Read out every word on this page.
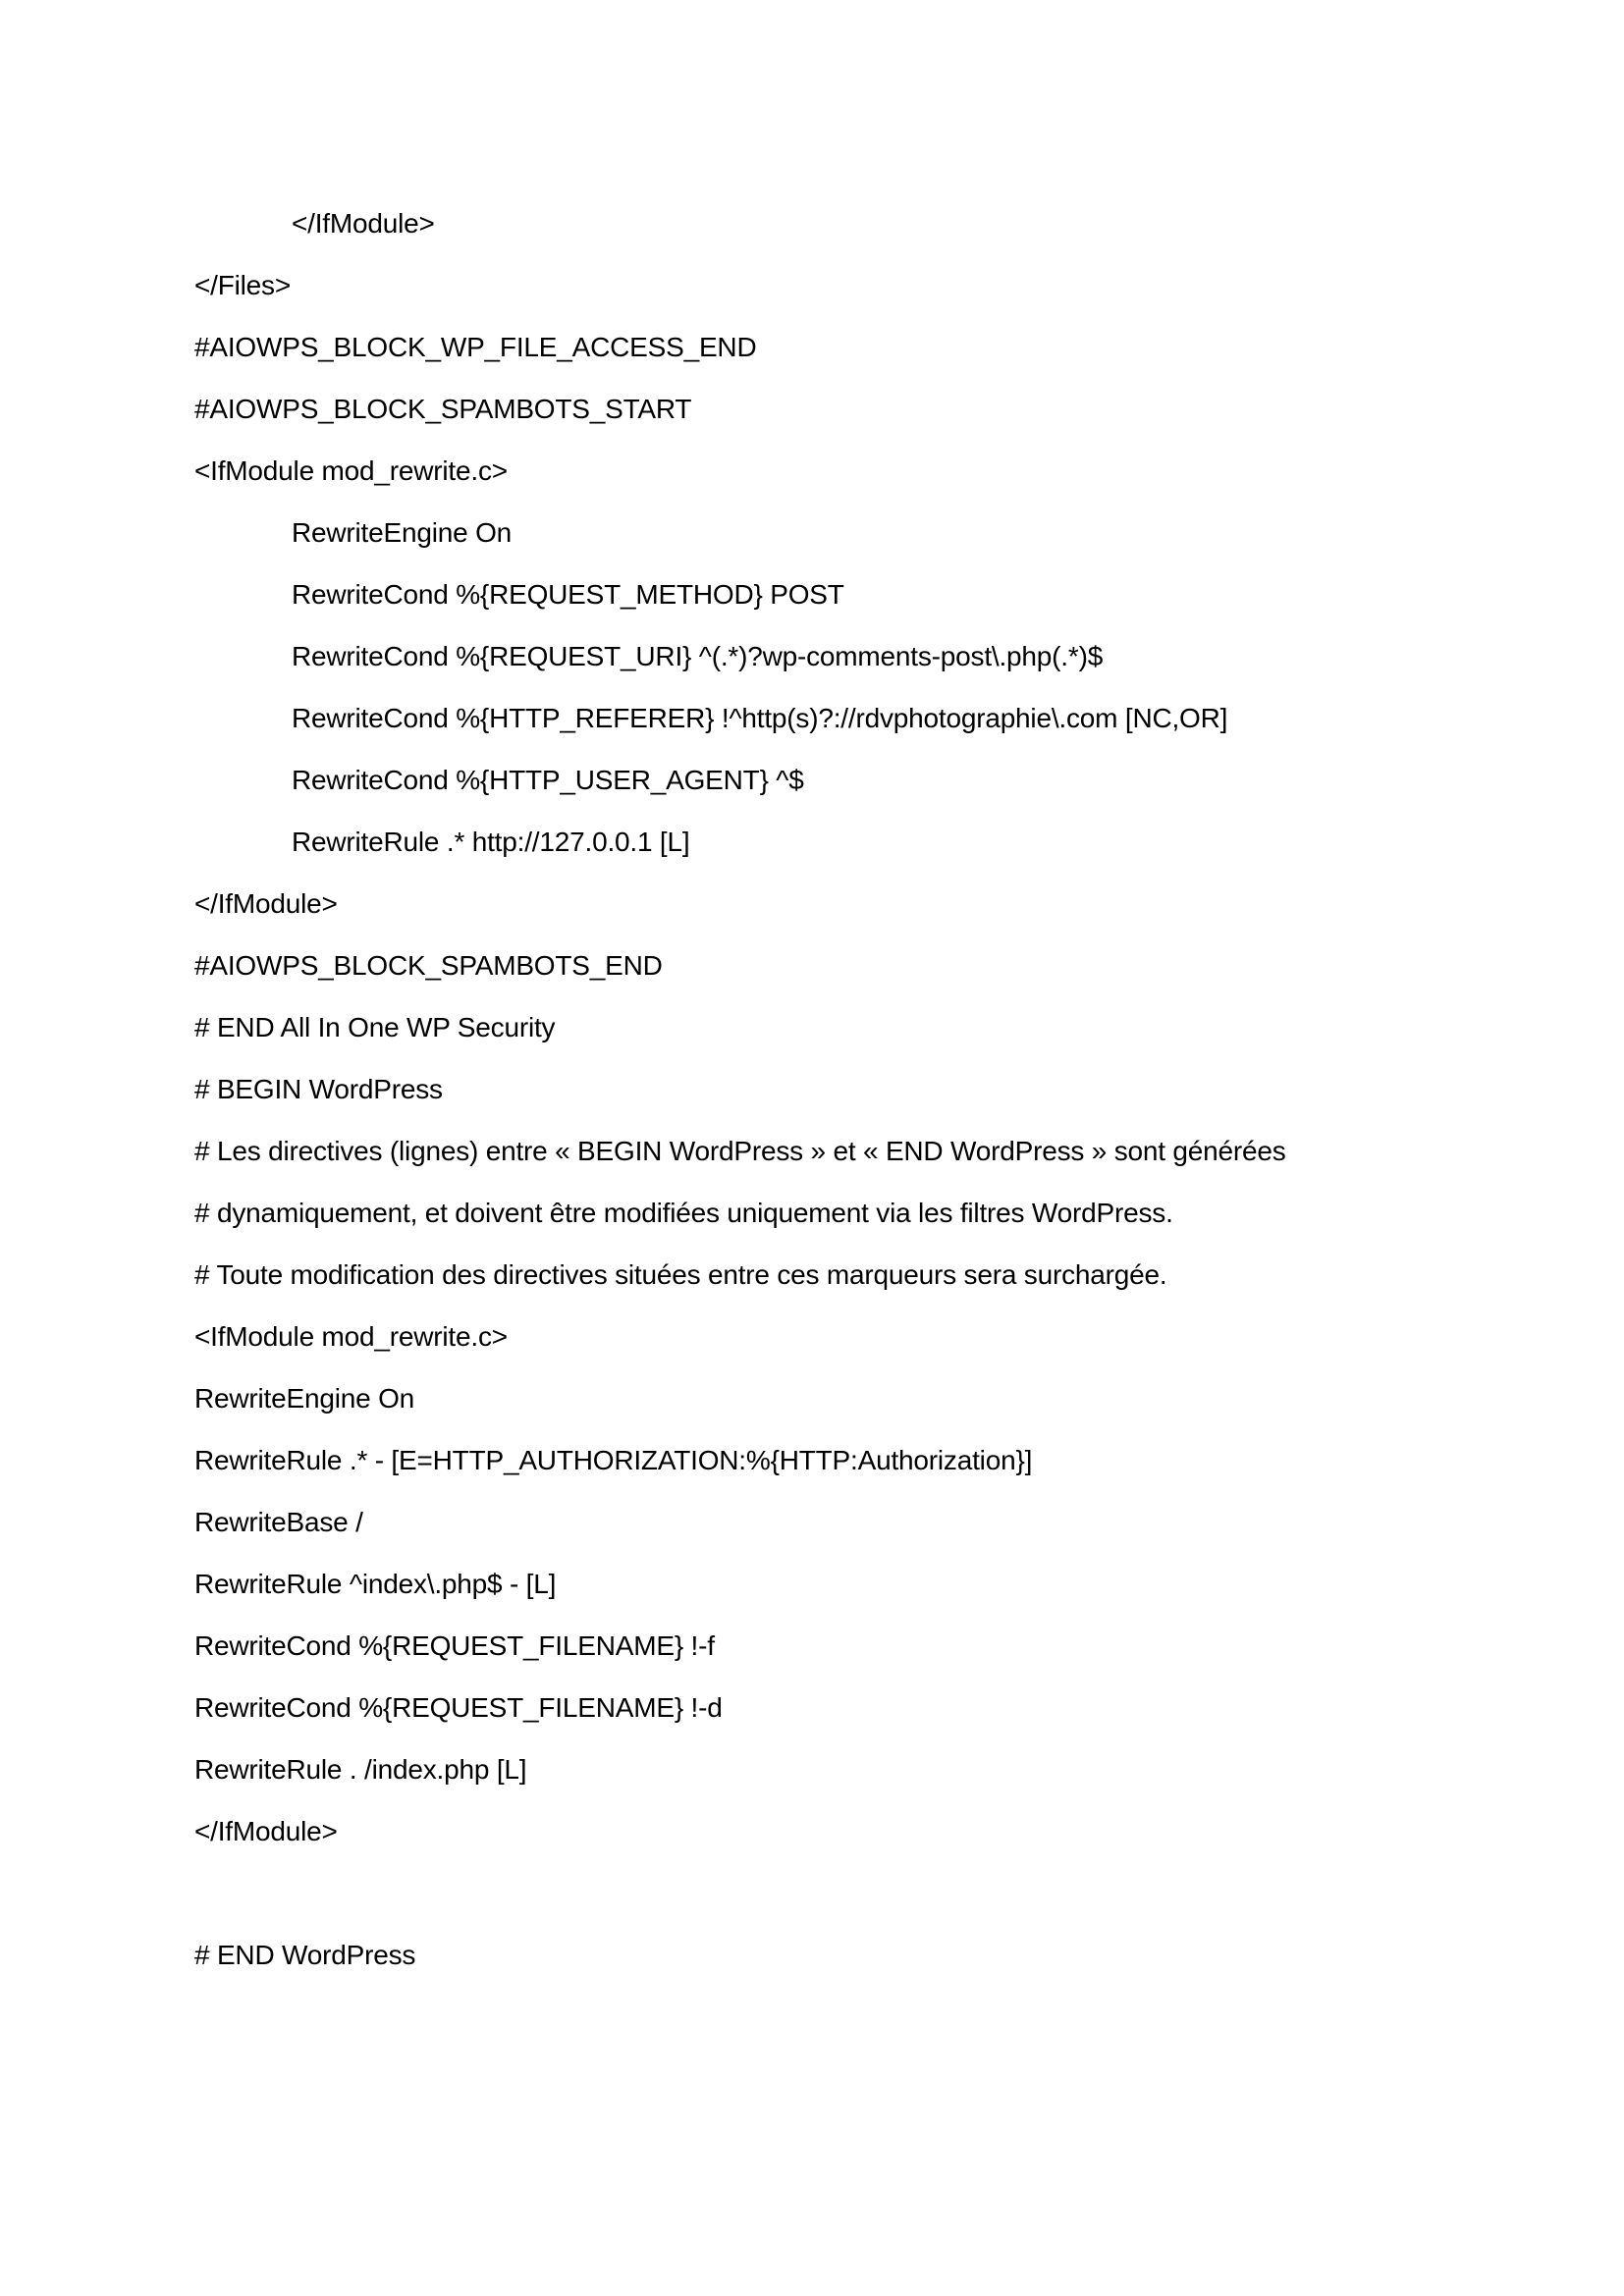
</IfModule>
</Files>
#AIOWPS_BLOCK_WP_FILE_ACCESS_END
#AIOWPS_BLOCK_SPAMBOTS_START
<IfModule mod_rewrite.c>
RewriteEngine On
RewriteCond %{REQUEST_METHOD} POST
RewriteCond %{REQUEST_URI} ^(.*)?wp-comments-post\.php(.*)$
RewriteCond %{HTTP_REFERER} !^http(s)?://rdvphotographie\.com [NC,OR]
RewriteCond %{HTTP_USER_AGENT} ^$
RewriteRule .* http://127.0.0.1 [L]
</IfModule>
#AIOWPS_BLOCK_SPAMBOTS_END
# END All In One WP Security
# BEGIN WordPress
# Les directives (lignes) entre « BEGIN WordPress » et « END WordPress » sont générées
# dynamiquement, et doivent être modifiées uniquement via les filtres WordPress.
# Toute modification des directives situées entre ces marqueurs sera surchargée.
<IfModule mod_rewrite.c>
RewriteEngine On
RewriteRule .* - [E=HTTP_AUTHORIZATION:%{HTTP:Authorization}]
RewriteBase /
RewriteRule ^index\.php$ - [L]
RewriteCond %{REQUEST_FILENAME} !-f
RewriteCond %{REQUEST_FILENAME} !-d
RewriteRule . /index.php [L]
</IfModule>
# END WordPress
